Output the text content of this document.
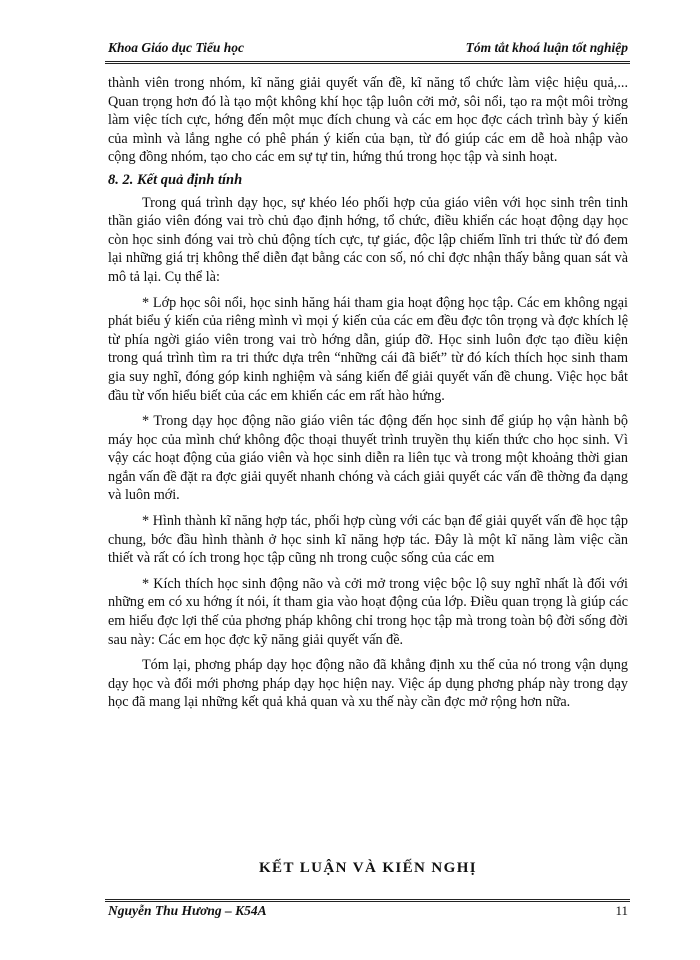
Khoa Giáo dục Tiểu học	Tóm tắt khoá luận tốt nghiệp

thành viên trong nhóm, kĩ năng giải quyết vấn đề, kĩ năng tổ chức làm việc hiệu quả,... Quan trọng hơn đó là tạo một không khí học tập luôn cởi mở, sôi nổi, tạo ra một môi trờng làm việc tích cực, hớng đến một mục đích chung và các em học đợc cách trình bày ý kiến của mình và lắng nghe có phê phán ý kiến của bạn, từ đó giúp các em dễ hoà nhập vào cộng đồng nhóm, tạo cho các em sự tự tin, hứng thú trong học tập và sinh hoạt.

8. 2. Kết quả định tính

Trong quá trình dạy học, sự khéo léo phối hợp của giáo viên với học sinh trên tinh thần giáo viên đóng vai trò chủ đạo định hớng, tổ chức, điều khiển các hoạt động dạy học còn học sinh đóng vai trò chủ động tích cực, tự giác, độc lập chiếm lĩnh tri thức từ đó đem lại những giá trị không thể diễn đạt bằng các con số, nó chỉ đợc nhận thấy bằng quan sát và mô tả lại. Cụ thể là:

* Lớp học sôi nổi, học sinh hăng hái tham gia hoạt động học tập. Các em không ngại phát biểu ý kiến của riêng mình vì mọi ý kiến của các em đều đợc tôn trọng và đợc khích lệ từ phía ngời giáo viên trong vai trò hớng dẫn, giúp đỡ. Học sinh luôn đợc tạo điều kiện trong quá trình tìm ra tri thức dựa trên “những cái đã biết” từ đó kích thích học sinh tham gia suy nghĩ, đóng góp kinh nghiệm và sáng kiến để giải quyết vấn đề chung. Việc học bắt đầu từ vốn hiểu biết của các em khiến các em rất hào hứng.

* Trong dạy học động não giáo viên tác động đến học sinh để giúp họ vận hành bộ máy học của mình chứ không độc thoại thuyết trình truyền thụ kiến thức cho học sinh. Vì vậy các hoạt động của giáo viên và học sinh diễn ra liên tục và trong một khoảng thời gian ngắn vấn đề đặt ra đợc giải quyết nhanh chóng và cách giải quyết các vấn đề thờng đa dạng và luôn mới.

* Hình thành kĩ năng hợp tác, phối hợp cùng với các bạn để giải quyết vấn đề học tập chung, bớc đầu hình thành ở học sinh kĩ năng hợp tác. Đây là một kĩ năng làm việc cần thiết và rất có ích trong học tập cũng nh trong cuộc sống của các em

* Kích thích học sinh động não và cởi mở trong việc bộc lộ suy nghĩ nhất là đối với những em có xu hớng ít nói, ít tham gia vào hoạt động của lớp. Điều quan trọng là giúp các em hiểu đợc lợi thế của phơng pháp không chỉ trong học tập mà trong toàn bộ đời sống đời sau này: Các em học đợc kỹ năng giải quyết vấn đề.

Tóm lại, phơng pháp dạy học động não đã khẳng định xu thế của nó trong vận dụng dạy học và đổi mới phơng pháp dạy học hiện nay. Việc áp dụng phơng pháp này trong dạy học đã mang lại những kết quả khả quan và xu thế này cần đợc mở rộng hơn nữa.

KẾT LUẬN VÀ KIẾN NGHỊ
Nguyễn Thu Hương – K54A	11
